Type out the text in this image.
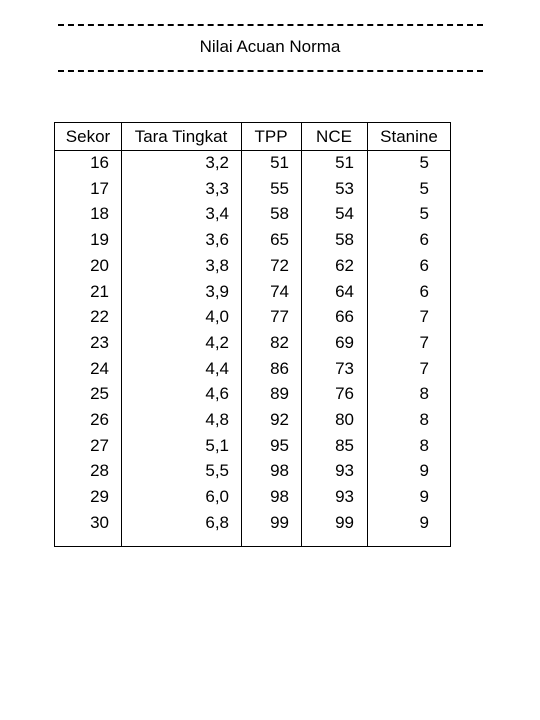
Nilai Acuan Norma
Sekor	Tara Tingkat	TPP	NCE	Stanine
16	3,2	51	51	5
17	3,3	55	53	5
18	3,4	58	54	5
19	3,6	65	58	6
20	3,8	72	62	6
21	3,9	74	64	6
22	4,0	77	66	7
23	4,2	82	69	7
24	4,4	86	73	7
25	4,6	89	76	8
26	4,8	92	80	8
27	5,1	95	85	8
28	5,5	98	93	9
29	6,0	98	93	9
30	6,8	99	99	9
